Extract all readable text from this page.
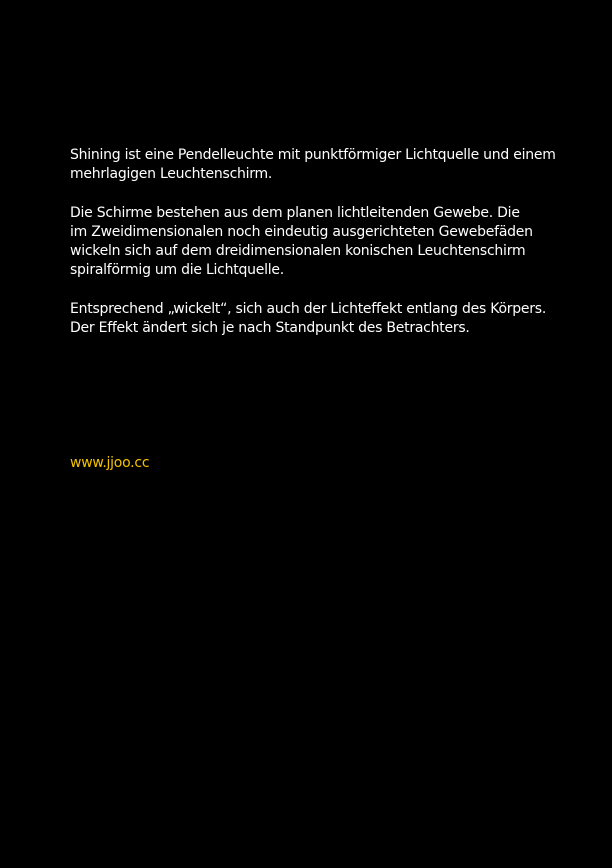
Shining ist eine Pendelleuchte mit punktförmiger Lichtquelle und einem
mehrlagigen Leuchtenschirm.

Die Schirme bestehen aus dem planen lichtleitenden Gewebe. Die
im Zweidimensionalen noch eindeutig ausgerichteten Gewebefäden
wickeln sich auf dem dreidimensionalen konischen Leuchtenschirm
spiralförmig um die Lichtquelle.

Entsprechend „wickelt“, sich auch der Lichteffekt entlang des Körpers.
Der Effekt ändert sich je nach Standpunkt des Betrachters.

www.jjoo.cc
